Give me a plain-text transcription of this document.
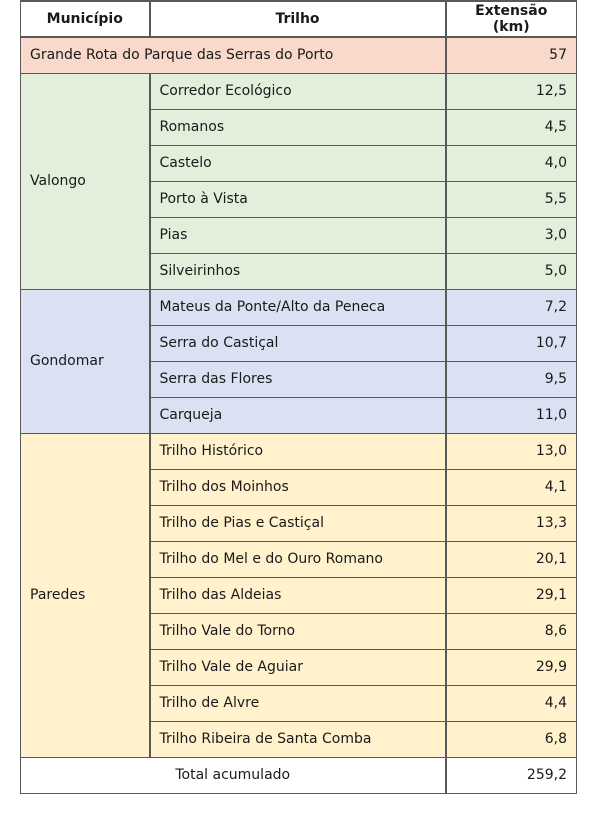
Município	Trilho	Extensão (km)
Grande Rota do Parque das Serras do Porto		57
Valongo	Corredor Ecológico	12,5
	Romanos	4,5
	Castelo	4,0
	Porto à Vista	5,5
	Pias	3,0
	Silveirinhos	5,0
Gondomar	Mateus da Ponte/Alto da Peneca	7,2
	Serra do Castiçal	10,7
	Serra das Flores	9,5
	Carqueja	11,0
Paredes	Trilho Histórico	13,0
	Trilho dos Moinhos	4,1
	Trilho de Pias e Castiçal	13,3
	Trilho do Mel e do Ouro Romano	20,1
	Trilho das Aldeias	29,1
	Trilho Vale do Torno	8,6
	Trilho Vale de Aguiar	29,9
	Trilho de Alvre	4,4
	Trilho Ribeira de Santa Comba	6,8
Total acumulado		259,2
